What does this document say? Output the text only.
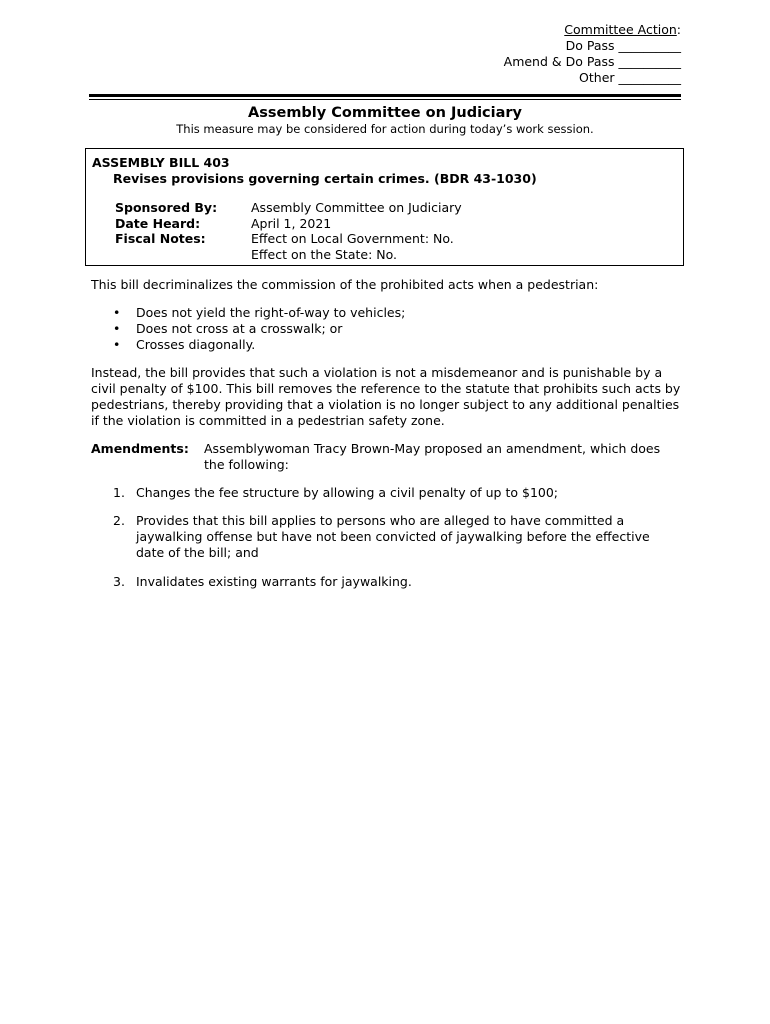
Committee Action:
Do Pass __________
Amend & Do Pass __________
Other __________
Assembly Committee on Judiciary
This measure may be considered for action during today’s work session.
ASSEMBLY BILL 403
Revises provisions governing certain crimes. (BDR 43-1030)
Sponsored By:	Assembly Committee on Judiciary
Date Heard:	April 1, 2021
Fiscal Notes:	Effect on Local Government: No.
Effect on the State: No.
This bill decriminalizes the commission of the prohibited acts when a pedestrian:
• Does not yield the right-of-way to vehicles;
• Does not cross at a crosswalk; or
• Crosses diagonally.
Instead, the bill provides that such a violation is not a misdemeanor and is punishable by a civil penalty of $100. This bill removes the reference to the statute that prohibits such acts by pedestrians, thereby providing that a violation is no longer subject to any additional penalties if the violation is committed in a pedestrian safety zone.
Amendments: Assemblywoman Tracy Brown-May proposed an amendment, which does the following:
1. Changes the fee structure by allowing a civil penalty of up to $100;
2. Provides that this bill applies to persons who are alleged to have committed a jaywalking offense but have not been convicted of jaywalking before the effective date of the bill; and
3. Invalidates existing warrants for jaywalking.
